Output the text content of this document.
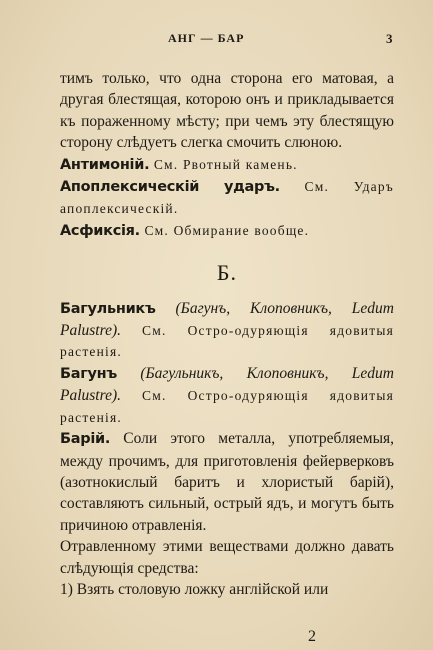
АНГ — БАР	3

тимъ только, что одна сторона его матовая, а другая блестящая, которою онъ и прикладывается къ пораженному мѣсту; при чемъ эту блестящую сторону слѣдуетъ слегка смочить слюною.

Антимоній. См. Рвотный камень.

Апоплексическій ударъ. См. Ударъ апоплексическій.

Асфиксія. См. Обмирание вообще.

Б.

Багульникъ (Багунъ, Клоповникъ, Ledum Palustre). См. Остро-одуряющія ядовитыя растенія.

Багунъ (Багульникъ, Клоповникъ, Ledum Palustre). См. Остро-одуряющія ядовитыя растенія.

Барій. Соли этого металла, употребляемыя, между прочимъ, для приготовленія фейерверковъ (азотнокислый баритъ и хлористый барій), составляютъ сильный, острый ядъ, и могутъ быть причиною отравленія.

Отравленному этими веществами должно давать слѣдующія средства:

1) Взять столовую ложку англійской или

2
